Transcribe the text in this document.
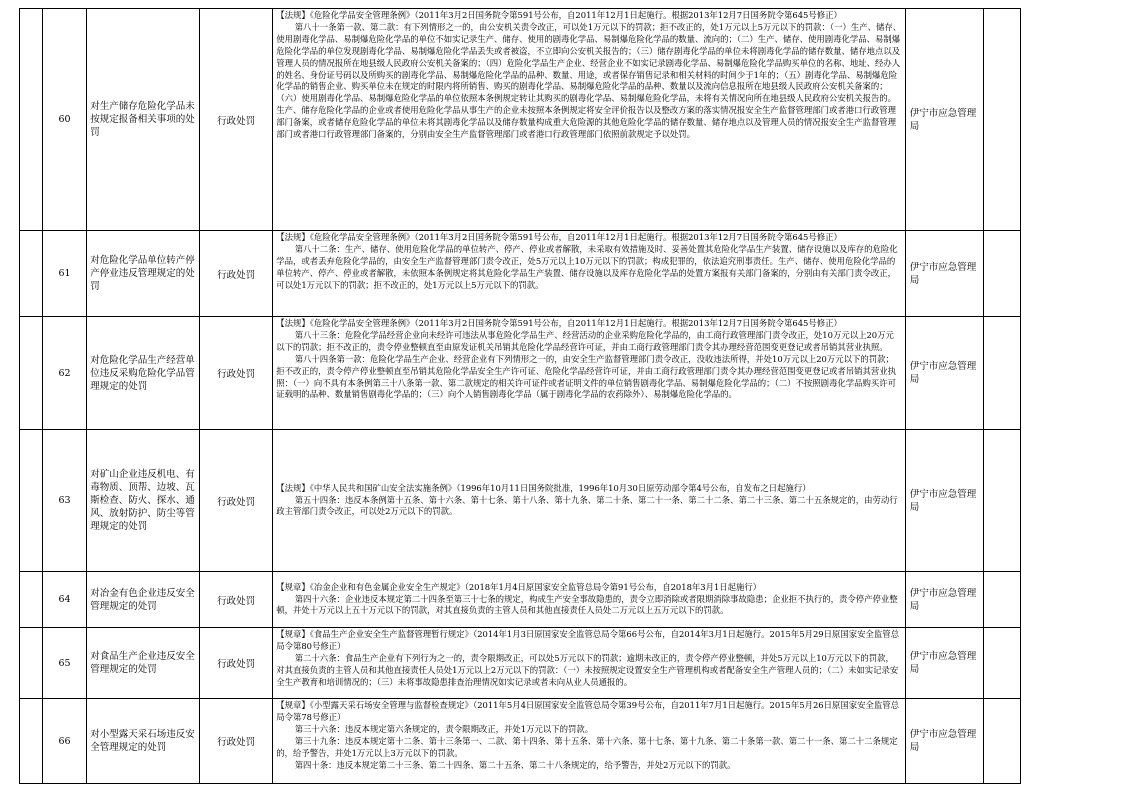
	60	对生产储存危险化学品未按规定报备相关事项的处罚	行政处罚	【法规】《危险化学品安全管理条例》（2011年3月2日国务院令第591号公布，自2011年12月1日起施行。根据2013年12月7日国务院令第645号修正）

第八十一条第一款、第二款：有下列情形之一的，由公安机关责令改正，可以处1万元以下的罚款；拒不改正的，处1万元以上5万元以下的罚款：（一）生产、储存、使用剧毒化学品、易制爆危险化学品的单位不如实记录生产、储存、使用的剧毒化学品、易制爆危险化学品的数量、流向的；（二）生产、储存、使用剧毒化学品、易制爆危险化学品的单位发现剧毒化学品、易制爆危险化学品丢失或者被盗，不立即向公安机关报告的；（三）储存剧毒化学品的单位未将剧毒化学品的储存数量、储存地点以及管理人员的情况报所在地县级人民政府公安机关备案的；（四）危险化学品生产企业、经营企业不如实记录剧毒化学品、易制爆危险化学品购买单位的名称、地址、经办人的姓名、身份证号码以及所购买的剧毒化学品、易制爆危险化学品的品种、数量、用途，或者保存销售记录和相关材料的时间少于1年的；（五）剧毒化学品、易制爆危险化学品的销售企业、购买单位未在规定的时限内将所销售、购买的剧毒化学品、易制爆危险化学品的品种、数量以及流向信息报所在地县级人民政府公安机关备案的；（六）使用剧毒化学品、易制爆危险化学品的单位依照本条例规定转让其购买的剧毒化学品、易制爆危险化学品，未将有关情况向所在地县级人民政府公安机关报告的。生产、储存危险化学品的企业或者使用危险化学品从事生产的企业未按照本条例规定将安全评价报告以及整改方案的落实情况报安全生产监督管理部门或者港口行政管理部门备案，或者储存危险化学品的单位未将其剧毒化学品以及储存数量构成重大危险源的其他危险化学品的储存数量、储存地点以及管理人员的情况报安全生产监督管理部门或者港口行政管理部门备案的，分别由安全生产监督管理部门或者港口行政管理部门依照前款规定予以处罚。	伊宁市应急管理局	
	61	对危险化学品单位转产停产停业违反管理规定的处罚	行政处罚	【法规】《危险化学品安全管理条例》（2011年3月2日国务院令第591号公布，自2011年12月1日起施行。根据2013年12月7日国务院令第645号修正）

第八十二条：生产、储存、使用危险化学品的单位转产、停产、停业或者解散，未采取有效措施及时、妥善处置其危险化学品生产装置、储存设施以及库存的危险化学品，或者丢弃危险化学品的，由安全生产监督管理部门责令改正，处5万元以上10万元以下的罚款；构成犯罪的，依法追究刑事责任。生产、储存、使用危险化学品的单位转产、停产、停业或者解散，未依照本条例规定将其危险化学品生产装置、储存设施以及库存危险化学品的处置方案报有关部门备案的，分别由有关部门责令改正，可以处1万元以下的罚款；拒不改正的，处1万元以上5万元以下的罚款。	伊宁市应急管理局	
	62	对危险化学品生产经营单位违反采购危险化学品管理规定的处罚	行政处罚	【法规】《危险化学品安全管理条例》（2011年3月2日国务院令第591号公布，自2011年12月1日起施行。根据2013年12月7日国务院令第645号修正）

第八十三条：危险化学品经营企业向未经许可违法从事危险化学品生产、经营活动的企业采购危险化学品的，由工商行政管理部门责令改正，处10万元以上20万元以下的罚款；拒不改正的，责令停业整顿直至由原发证机关吊销其危险化学品经营许可证，并由工商行政管理部门责令其办理经营范围变更登记或者吊销其营业执照。

第八十四条第一款：危险化学品生产企业、经营企业有下列情形之一的，由安全生产监督管理部门责令改正，没收违法所得，并处10万元以上20万元以下的罚款；拒不改正的，责令停产停业整顿直至吊销其危险化学品安全生产许可证、危险化学品经营许可证，并由工商行政管理部门责令其办理经营范围变更登记或者吊销其营业执照：（一）向不具有本条例第三十八条第一款、第二款规定的相关许可证件或者证明文件的单位销售剧毒化学品、易制爆危险化学品的；（二）不按照剧毒化学品购买许可证载明的品种、数量销售剧毒化学品的；（三）向个人销售剧毒化学品（属于剧毒化学品的农药除外）、易制爆危险化学品的。	伊宁市应急管理局	
	63	对矿山企业违反机电、有毒物质、顶帮、边坡、瓦斯检查、防火、探水、通风、放射防护、防尘等管理规定的处罚	行政处罚	【法规】《中华人民共和国矿山安全法实施条例》（1996年10月11日国务院批准，1996年10月30日原劳动部令第4号公布，自发布之日起施行）

第五十四条：违反本条例第十五条、第十六条、第十七条、第十八条、第十九条、第二十条、第二十一条、第二十二条、第二十三条、第二十五条规定的，由劳动行政主管部门责令改正，可以处2万元以下的罚款。	伊宁市应急管理局	
	64	对冶金有色企业违反安全管理规定的处罚	行政处罚	【规章】《冶金企业和有色金属企业安全生产规定》（2018年1月4日原国家安全监管总局令第91号公布，自2018年3月1日起施行）

第四十六条：企业违反本规定第二十四条至第三十七条的规定，构成生产安全事故隐患的，责令立即消除或者限期消除事故隐患；企业拒不执行的，责令停产停业整顿，并处十万元以上五十万元以下的罚款，对其直接负责的主管人员和其他直接责任人员处二万元以上五万元以下的罚款。	伊宁市应急管理局	
	65	对食品生产企业违反安全管理规定的处罚	行政处罚	【规章】《食品生产企业安全生产监督管理暂行规定》（2014年1月3日原国家安全监管总局令第66号公布，自2014年3月1日起施行。2015年5月29日原国家安全监管总局令第80号修正）

第二十六条：食品生产企业有下列行为之一的，责令限期改正，可以处5万元以下的罚款；逾期未改正的，责令停产停业整顿，并处5万元以上10万元以下的罚款，对其直接负责的主管人员和其他直接责任人员处1万元以上2万元以下的罚款：（一）未按照规定设置安全生产管理机构或者配备安全生产管理人员的；（二）未如实记录安全生产教育和培训情况的；（三）未将事故隐患排查治理情况如实记录或者未向从业人员通报的。	伊宁市应急管理局	
	66	对小型露天采石场违反安全管理规定的处罚	行政处罚	【规章】《小型露天采石场安全管理与监督检查规定》（2011年5月4日原国家安全监管总局令第39号公布，自2011年7月1日起施行。2015年5月26日原国家安全监管总局令第78号修正）

第三十六条：违反本规定第六条规定的，责令限期改正，并处1万元以下的罚款。

第三十九条：违反本规定第十二条、第十三条第一、二款、第十四条、第十五条、第十六条、第十七条、第十九条、第二十条第一款、第二十一条、第二十二条规定的，给予警告，并处1万元以上3万元以下的罚款。

第四十条：违反本规定第二十三条、第二十四条、第二十五条、第二十八条规定的，给予警告，并处2万元以下的罚款。	伊宁市应急管理局	
